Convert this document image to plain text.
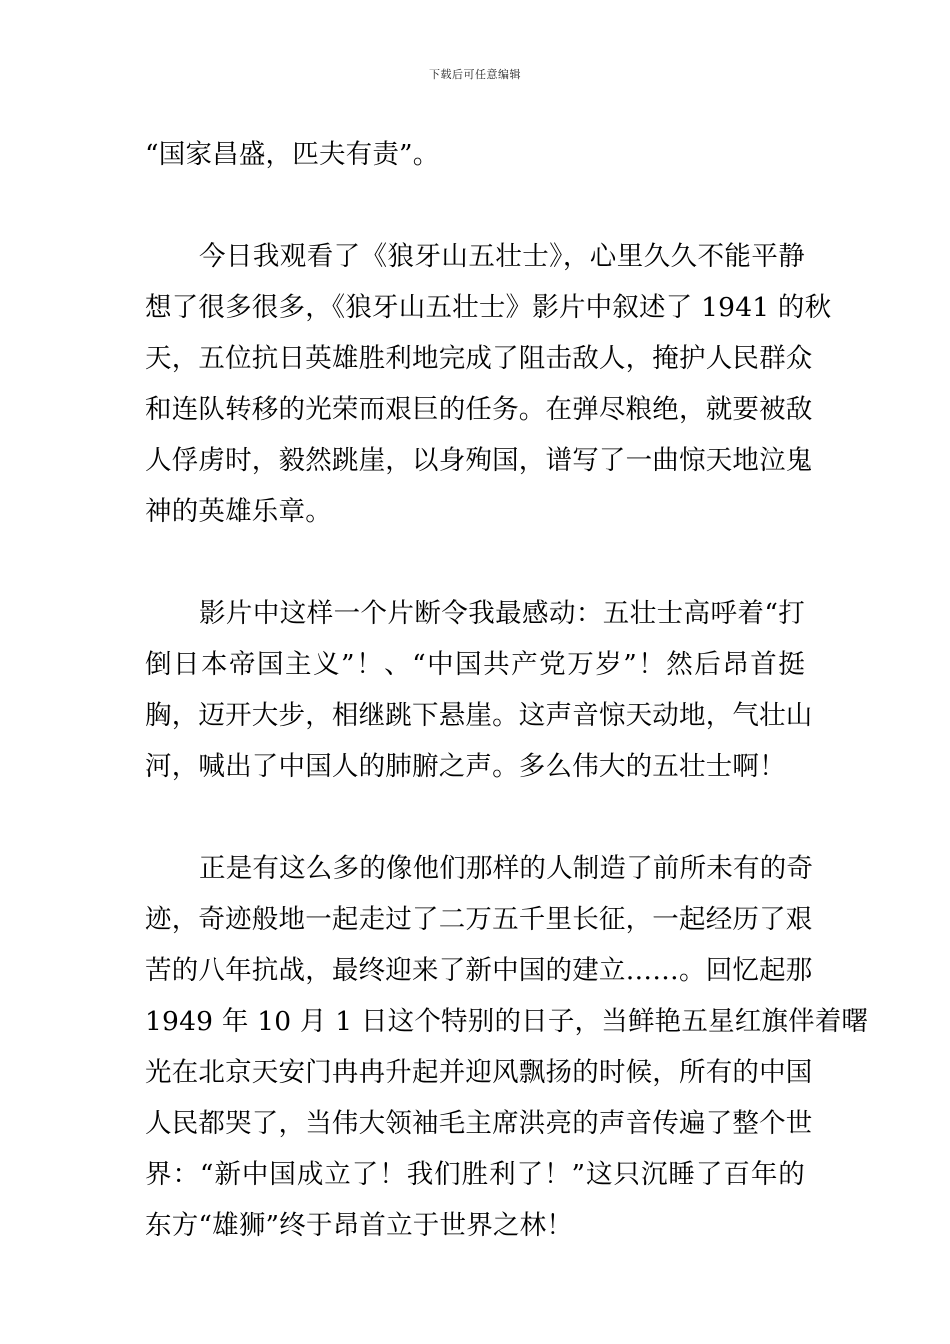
下载后可任意编辑
“国家昌盛，匹夫有责”。
今日我观看了《狼牙山五壮士》，心里久久不能平静
想了很多很多，《狼牙山五壮士》影片中叙述了 1941 的秋
天，五位抗日英雄胜利地完成了阻击敌人，掩护人民群众
和连队转移的光荣而艰巨的任务。在弹尽粮绝，就要被敌
人俘虏时，毅然跳崖，以身殉国，谱写了一曲惊天地泣鬼
神的英雄乐章。
影片中这样一个片断令我最感动：五壮士高呼着“打
倒日本帝国主义”！、“中国共产党万岁”！然后昂首挺
胸，迈开大步，相继跳下悬崖。这声音惊天动地，气壮山
河，喊出了中国人的肺腑之声。多么伟大的五壮士啊！
正是有这么多的像他们那样的人制造了前所未有的奇
迹，奇迹般地一起走过了二万五千里长征，一起经历了艰
苦的八年抗战，最终迎来了新中国的建立……。回忆起那
1949 年 10 月 1 日这个特别的日子，当鲜艳五星红旗伴着曙
光在北京天安门冉冉升起并迎风飘扬的时候，所有的中国
人民都哭了，当伟大领袖毛主席洪亮的声音传遍了整个世
界：“新中国成立了！我们胜利了！”这只沉睡了百年的
东方“雄狮”终于昂首立于世界之林！
